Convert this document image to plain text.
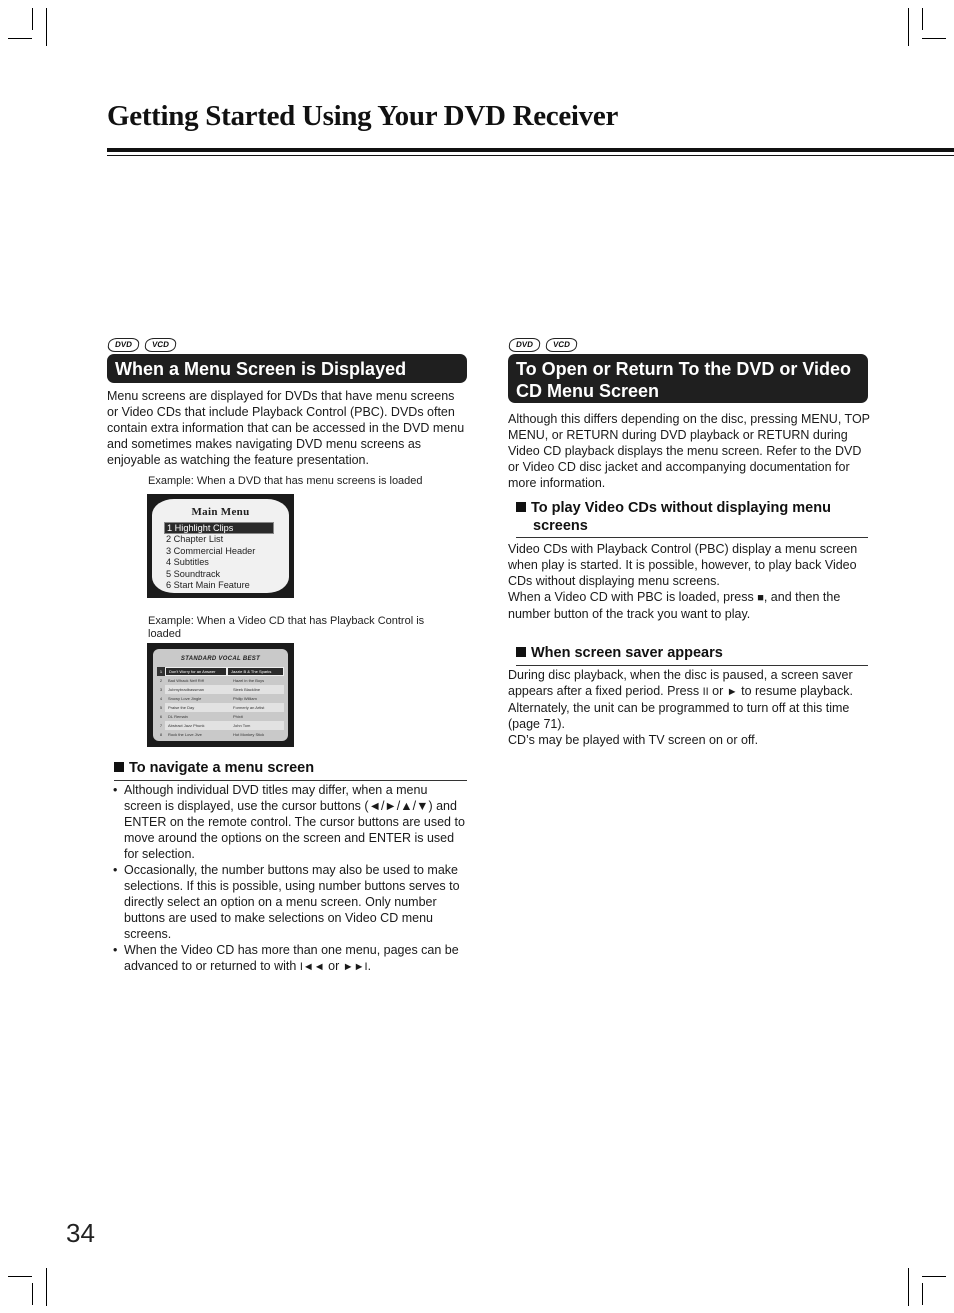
Getting Started Using Your DVD Receiver
DVD	VCD
When a Menu Screen is Displayed
Menu screens are displayed for DVDs that have menu screens or Video CDs that include Playback Control (PBC). DVDs often contain extra information that can be accessed in the DVD menu and sometimes makes navigating DVD menu screens as enjoyable as watching the feature presentation.
Example: When a DVD that has menu screens is loaded
Main Menu
1 Highlight Clips
2 Chapter List
3 Commercial Header
4 Subtitles
5 Soundtrack
6 Start Main Feature
Example: When a Video CD that has Playback Control is loaded
STANDARD VOCAL BEST
1	Don't Worry for an Answer	Jazzie B & The Sparks
2	Bad Whack Nelf Riff	Hazel in the Boys
3	Jubmybradbassman	Sleek Blackline
4	Snowy Love Jingle	Philip William
5	Praise the Day	Formerly an Artist
6	DL Remain	Phixit
7	Abstract Jazz Phunk	John Tom
8	Rock the Love Jive	Hot Monkey Stick
To navigate a menu screen
• Although individual DVD titles may differ, when a menu screen is displayed, use the cursor buttons (◄/►/▲/▼) and ENTER on the remote control. The cursor buttons are used to move around the options on the screen and ENTER is used for selection.
• Occasionally, the number buttons may also be used to make selections. If this is possible, using number buttons serves to directly select an option on a menu screen. Only number buttons are used to make selections on Video CD menu screens.
• When the Video CD has more than one menu, pages can be advanced to or returned to with I◄◄ or ►►I.
DVD	VCD
To Open or Return To the DVD or Video CD Menu Screen
Although this differs depending on the disc, pressing MENU, TOP MENU, or RETURN during DVD playback or RETURN during Video CD playback displays the menu screen. Refer to the DVD or Video CD disc jacket and accompanying documentation for more information.
To play Video CDs without displaying menu screens
Video CDs with Playback Control (PBC) display a menu screen when play is started. It is possible, however, to play back Video CDs without displaying menu screens.
When a Video CD with PBC is loaded, press ■, and then the number button of the track you want to play.
When screen saver appears
During disc playback, when the disc is paused, a screen saver appears after a fixed period. Press II or ► to resume playback. Alternately, the unit can be programmed to turn off at this time (page 71).
CD’s may be played with TV screen on or off.
34
